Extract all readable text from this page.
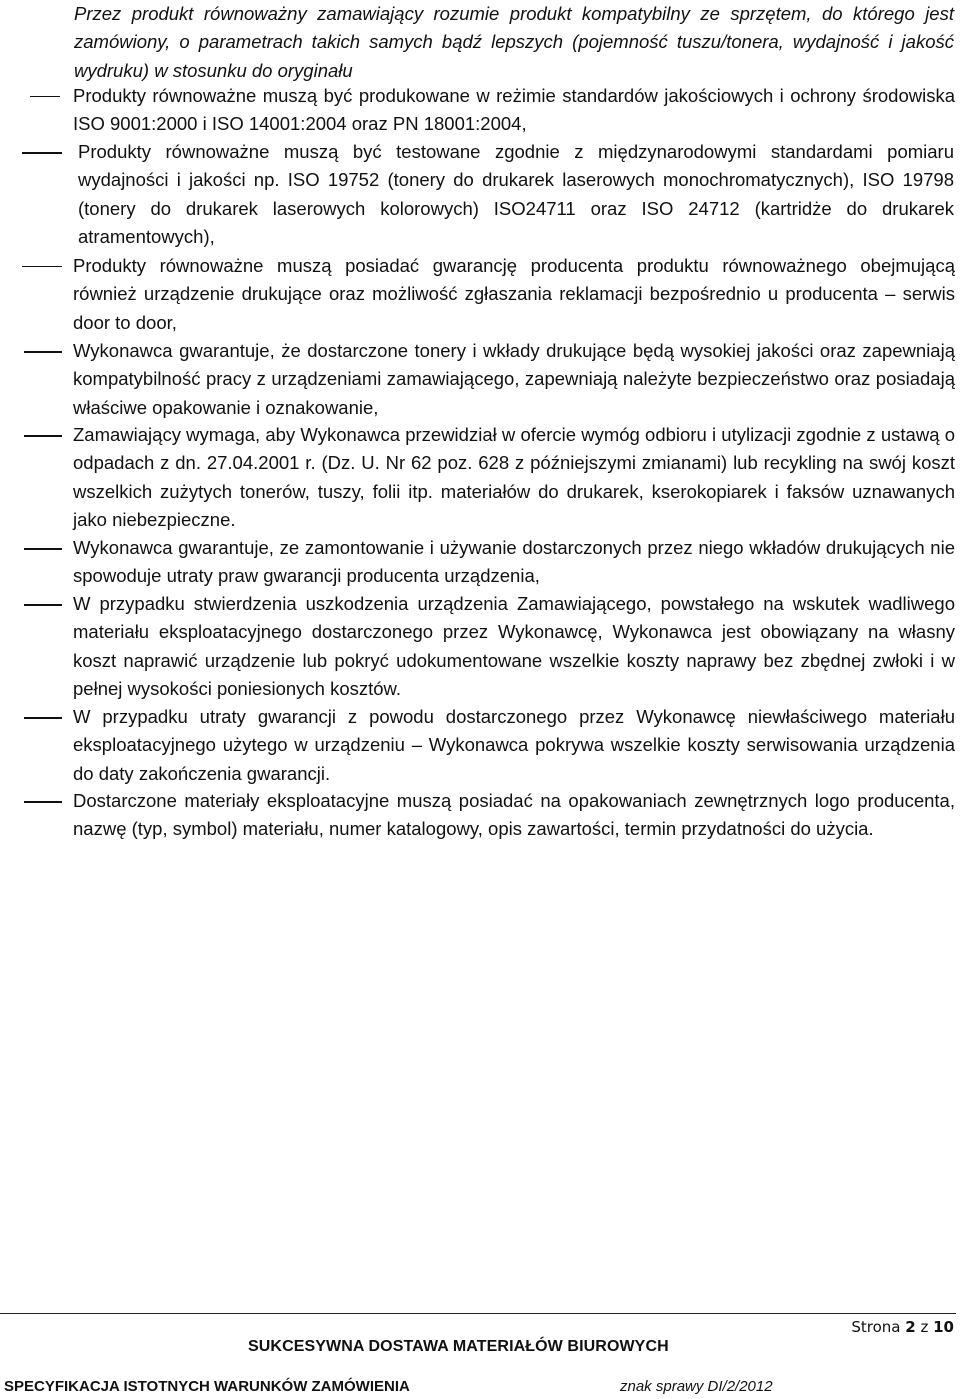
Przez produkt równoważny zamawiający rozumie produkt kompatybilny ze sprzętem, do którego jest zamówiony, o parametrach takich samych bądź lepszych (pojemność tuszu/tonera, wydajność i jakość wydruku) w stosunku do oryginału

Produkty równoważne muszą być produkowane w reżimie standardów jakościowych i ochrony środowiska ISO 9001:2000 i ISO 14001:2004 oraz PN 18001:2004,

Produkty równoważne muszą być testowane zgodnie z międzynarodowymi standardami pomiaru wydajności i jakości np. ISO 19752 (tonery do drukarek laserowych monochromatycznych), ISO 19798 (tonery do drukarek laserowych kolorowych) ISO24711 oraz ISO 24712 (kartridże do drukarek atramentowych),

Produkty równoważne muszą posiadać gwarancję producenta produktu równoważnego obejmującą również urządzenie drukujące oraz możliwość zgłaszania reklamacji bezpośrednio u producenta – serwis door to door,

Wykonawca gwarantuje, że dostarczone tonery i wkłady drukujące będą wysokiej jakości oraz zapewniają kompatybilność pracy z urządzeniami zamawiającego, zapewniają należyte bezpieczeństwo oraz posiadają właściwe opakowanie i oznakowanie,

Zamawiający wymaga, aby Wykonawca przewidział w ofercie wymóg odbioru i utylizacji zgodnie z ustawą o odpadach z dn. 27.04.2001 r. (Dz. U. Nr 62 poz. 628 z późniejszymi zmianami) lub recykling na swój koszt wszelkich zużytych tonerów, tuszy, folii itp. materiałów do drukarek, kserokopiarek i faksów uznawanych jako niebezpieczne.

Wykonawca gwarantuje, ze zamontowanie i używanie dostarczonych przez niego wkładów drukujących nie spowoduje utraty praw gwarancji producenta urządzenia,

W przypadku stwierdzenia uszkodzenia urządzenia Zamawiającego, powstałego na wskutek wadliwego materiału eksploatacyjnego dostarczonego przez Wykonawcę, Wykonawca jest obowiązany na własny koszt naprawić urządzenie lub pokryć udokumentowane wszelkie koszty naprawy bez zbędnej zwłoki i w pełnej wysokości poniesionych kosztów.

W przypadku utraty gwarancji z powodu dostarczonego przez Wykonawcę niewłaściwego materiału eksploatacyjnego użytego w urządzeniu – Wykonawca pokrywa wszelkie koszty serwisowania urządzenia do daty zakończenia gwarancji.

Dostarczone materiały eksploatacyjne muszą posiadać na opakowaniach zewnętrznych logo producenta, nazwę (typ, symbol) materiału, numer katalogowy, opis zawartości, termin przydatności do użycia.

Strona 2 z 10
SUKCESYWNA DOSTAWA MATERIAŁÓW BIUROWYCH
SPECYFIKACJA ISTOTNYCH WARUNKÓW ZAMÓWIENIA	znak sprawy DI/2/2012
